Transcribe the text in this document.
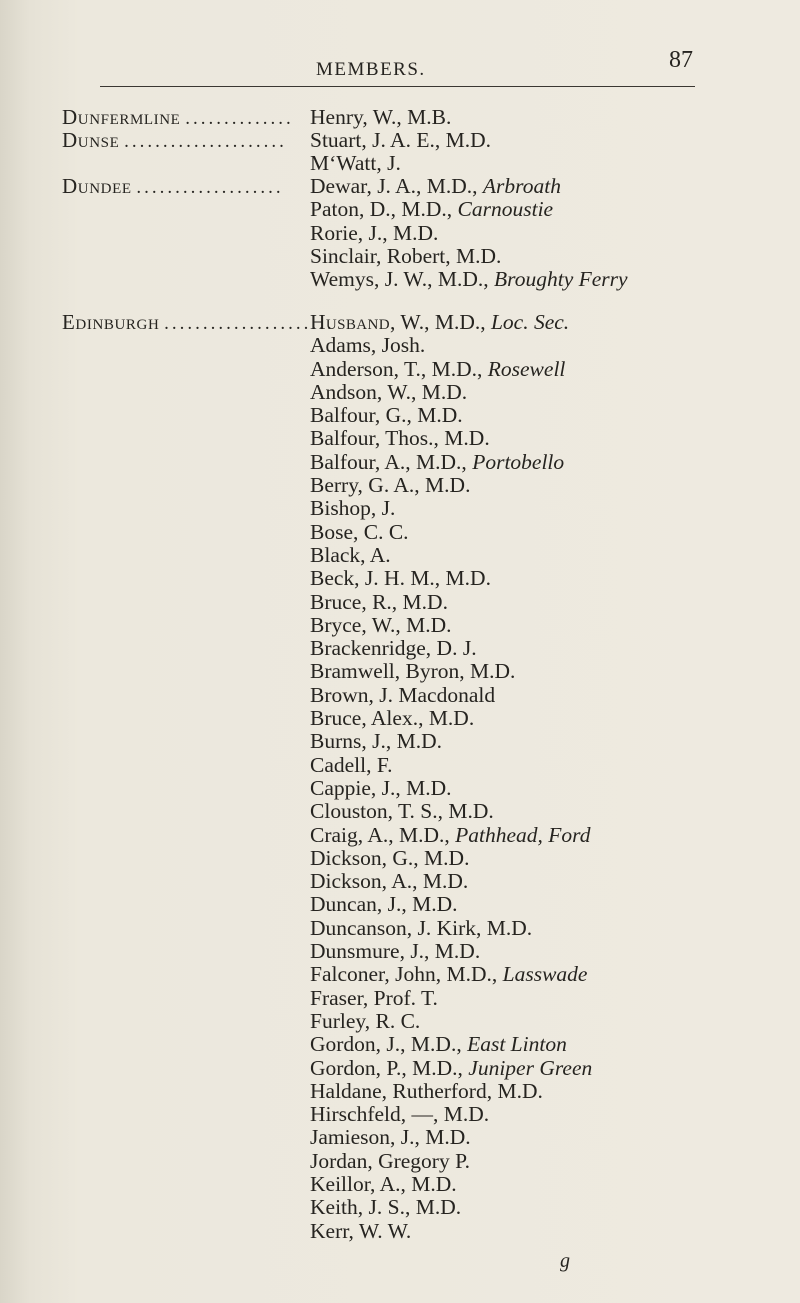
MEMBERS.	87
Dunfermline .............. Henry, W., M.B.
Dunse ..................... Stuart, J. A. E., M.D.
M‘Watt, J.
Dundee ................... Dewar, J. A., M.D., Arbroath
Paton, D., M.D., Carnoustie
Rorie, J., M.D.
Sinclair, Robert, M.D.
Wemys, J. W., M.D., Broughty Ferry
Edinburgh ......................
Husband, W., M.D., Loc. Sec.
Adams, Josh.
Anderson, T., M.D., Rosewell
Andson, W., M.D.
Balfour, G., M.D.
Balfour, Thos., M.D.
Balfour, A., M.D., Portobello
Berry, G. A., M.D.
Bishop, J.
Bose, C. C.
Black, A.
Beck, J. H. M., M.D.
Bruce, R., M.D.
Bryce, W., M.D.
Brackenridge, D. J.
Bramwell, Byron, M.D.
Brown, J. Macdonald
Bruce, Alex., M.D.
Burns, J., M.D.
Cadell, F.
Cappie, J., M.D.
Clouston, T. S., M.D.
Craig, A., M.D., Pathhead, Ford
Dickson, G., M.D.
Dickson, A., M.D.
Duncan, J., M.D.
Duncanson, J. Kirk, M.D.
Dunsmure, J., M.D.
Falconer, John, M.D., Lasswade
Fraser, Prof. T.
Furley, R. C.
Gordon, J., M.D., East Linton
Gordon, P., M.D., Juniper Green
Haldane, Rutherford, M.D.
Hirschfeld, —, M.D.
Jamieson, J., M.D.
Jordan, Gregory P.
Keillor, A., M.D.
Keith, J. S., M.D.
Kerr, W. W.
g
